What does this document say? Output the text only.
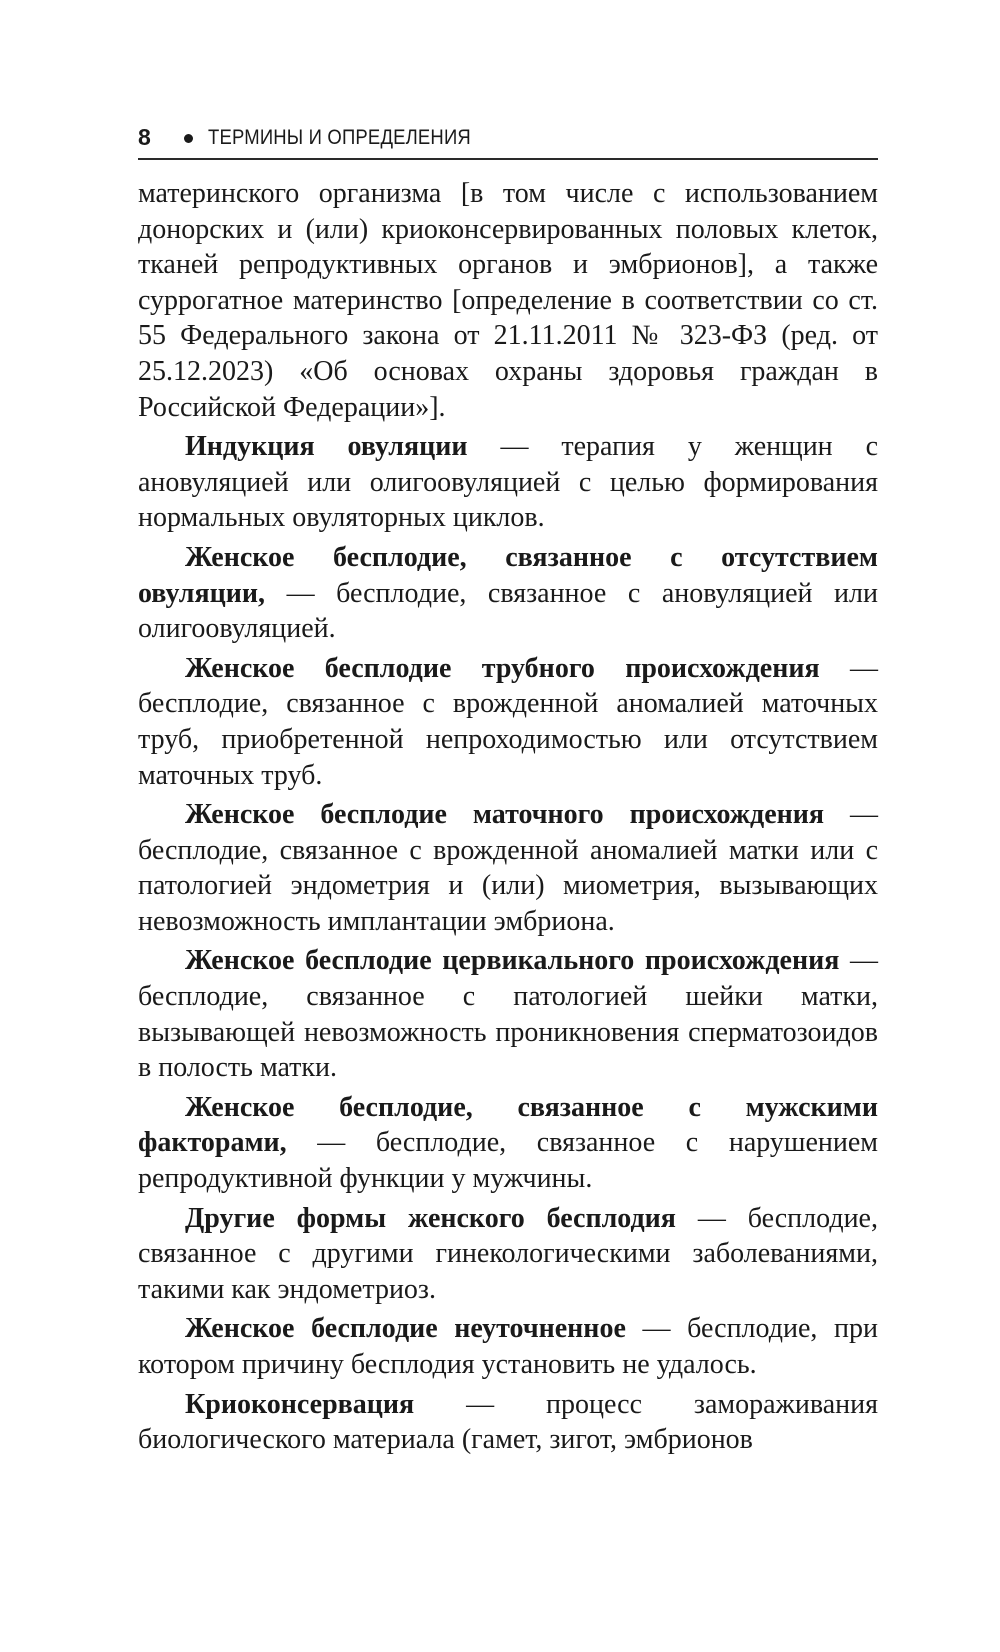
8	ТЕРМИНЫ И ОПРЕДЕЛЕНИЯ

материнского организма [в том числе с использованием донорских и (или) криоконсервированных половых клеток, тканей репродуктивных органов и эмбрионов], а также суррогатное материнство [определение в соответствии со ст. 55 Федерального закона от 21.11.2011 № 323-ФЗ (ред. от 25.12.2023) «Об основах охраны здоровья граждан в Российской Федерации»].

Индукция овуляции — терапия у женщин с ановуляцией или олигоовуляцией с целью формирования нормальных овуляторных циклов.

Женское бесплодие, связанное с отсутствием овуляции, — бесплодие, связанное с ановуляцией или олигоовуляцией.

Женское бесплодие трубного происхождения — бесплодие, связанное с врожденной аномалией маточных труб, приобретенной непроходимостью или отсутствием маточных труб.

Женское бесплодие маточного происхождения — бесплодие, связанное с врожденной аномалией матки или с патологией эндометрия и (или) миометрия, вызывающих невозможность имплантации эмбриона.

Женское бесплодие цервикального происхождения — бесплодие, связанное с патологией шейки матки, вызывающей невозможность проникновения сперматозоидов в полость матки.

Женское бесплодие, связанное с мужскими факторами, — бесплодие, связанное с нарушением репродуктивной функции у мужчины.

Другие формы женского бесплодия — бесплодие, связанное с другими гинекологическими заболеваниями, такими как эндометриоз.

Женское бесплодие неуточненное — бесплодие, при котором причину бесплодия установить не удалось.

Криоконсервация — процесс замораживания биологического материала (гамет, зигот, эмбрионов
